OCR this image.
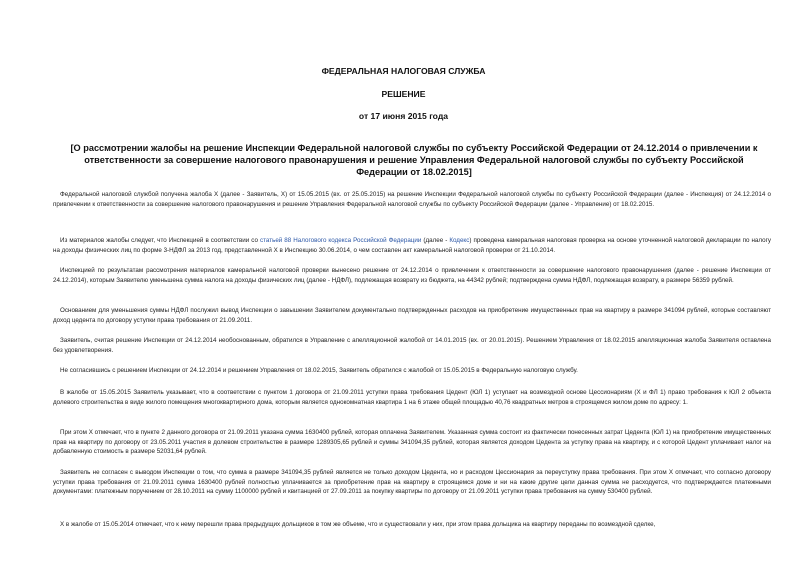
ФЕДЕРАЛЬНАЯ НАЛОГОВАЯ СЛУЖБА
РЕШЕНИЕ
от 17 июня 2015 года
[О рассмотрении жалобы на решение Инспекции Федеральной налоговой службы по субъекту Российской Федерации от 24.12.2014 о привлечении к ответственности за совершение налогового правонарушения и решение Управления Федеральной налоговой службы по субъекту Российской Федерации от 18.02.2015]

Федеральной налоговой службой получена жалоба Х (далее - Заявитель, Х) от 15.05.2015 (вх. от 25.05.2015) на решение Инспекции Федеральной налоговой службы по субъекту Российской Федерации (далее - Инспекция) от 24.12.2014 о привлечении к ответственности за совершение налогового правонарушения и решение Управления Федеральной налоговой службы по субъекту Российской Федерации (далее - Управление) от 18.02.2015.

Из материалов жалобы следует, что Инспекцией в соответствии со статьей 88 Налогового кодекса Российской Федерации (далее - Кодекс) проведена камеральная налоговая проверка на основе уточненной налоговой декларации по налогу на доходы физических лиц по форме 3-НДФЛ за 2013 год, представленной Х в Инспекцию 30.06.2014, о чем составлен акт камеральной налоговой проверки от 21.10.2014.

Инспекцией по результатам рассмотрения материалов камеральной налоговой проверки вынесено решение от 24.12.2014 о привлечении к ответственности за совершение налогового правонарушения (далее - решение Инспекции от 24.12.2014), которым Заявителю уменьшена сумма налога на доходы физических лиц (далее - НДФЛ), подлежащая возврату из бюджета, на 44342 рублей; подтверждена сумма НДФЛ, подлежащая возврату, в размере 56359 рублей.

Основанием для уменьшения суммы НДФЛ послужил вывод Инспекции о завышении Заявителем документально подтвержденных расходов на приобретение имущественных прав на квартиру в размере 341094 рублей, которые составляют доход цедента по договору уступки права требования от 21.09.2011.

Заявитель, считая решение Инспекции от 24.12.2014 необоснованным, обратился в Управление с апелляционной жалобой от 14.01.2015 (вх. от 20.01.2015). Решением Управления от 18.02.2015 апелляционная жалоба Заявителя оставлена без удовлетворения.

Не согласившись с решением Инспекции от 24.12.2014 и решением Управления от 18.02.2015, Заявитель обратился с жалобой от 15.05.2015 в Федеральную налоговую службу.

В жалобе от 15.05.2015 Заявитель указывает, что в соответствии с пунктом 1 договора от 21.09.2011 уступки права требования Цедент (ЮЛ 1) уступает на возмездной основе Цессионариям (Х и ФЛ 1) право требования к ЮЛ 2 объекта долевого строительства в виде жилого помещения многоквартирного дома, которым является однокомнатная квартира 1 на 6 этаже общей площадью 40,76 квадратных метров в строящемся жилом доме по адресу: 1.

При этом Х отмечает, что в пункте 2 данного договора от 21.09.2011 указана сумма 1630400 рублей, которая оплачена Заявителем. Указанная сумма состоит из фактически понесенных затрат Цедента (ЮЛ 1) на приобретение имущественных прав на квартиру по договору от 23.05.2011 участия в долевом строительстве в размере 1289305,65 рублей и суммы 341094,35 рублей, которая является доходом Цедента за уступку права на квартиру, и с которой Цедент уплачивает налог на добавленную стоимость в размере 52031,64 рублей.

Заявитель не согласен с выводом Инспекции о том, что сумма в размере 341094,35 рублей является не только доходом Цедента, но и расходом Цессионария за переуступку права требования. При этом Х отмечает, что согласно договору уступки права требования от 21.09.2011 сумма 1630400 рублей полностью уплачивается за приобретение прав на квартиру в строящемся доме и ни на какие другие цели данная сумма не расходуется, что подтверждается платежными документами: платежным поручением от 28.10.2011 на сумму 1100000 рублей и квитанцией от 27.09.2011 за покупку квартиры по договору от 21.09.2011 уступки права требования на сумму 530400 рублей.

Х в жалобе от 15.05.2014 отмечает, что к нему перешли права предыдущих дольщиков в том же объеме, что и существовали у них, при этом права дольщика на квартиру переданы по возмездной сделке,
